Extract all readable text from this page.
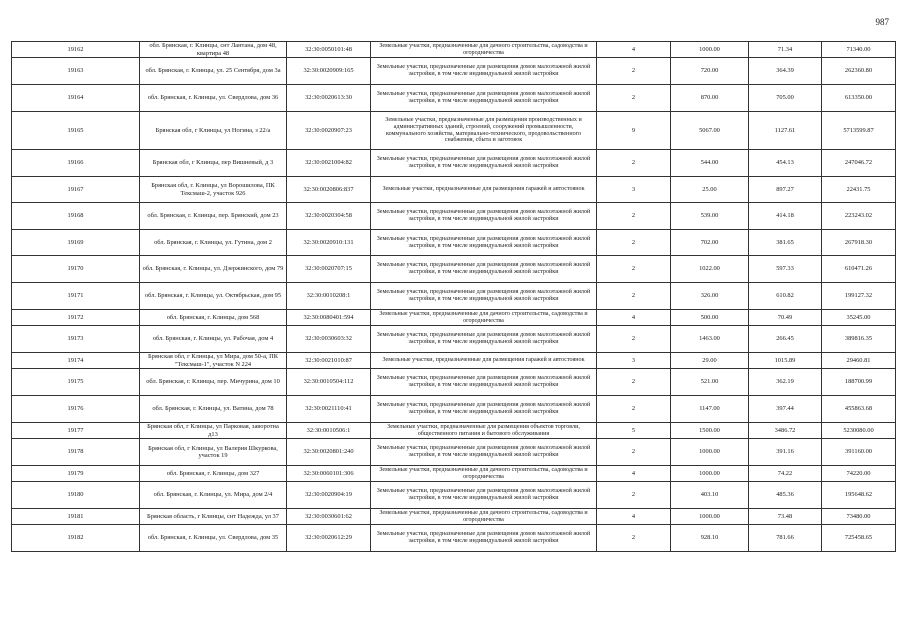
987
19162	обл. Брянская, г. Клинцы, снт Лантана, дом 48, квартира 48	32:30:0050101:48	Земельные участки, предназначенные для дачного строительства, садоводства и огородничества	4	1000.00	71.34	71340.00
19163	обл. Брянская, г. Клинцы, ул. 25 Сентября, дом 3а	32:30:0020909:165	Земельные участки, предназначенные для размещения домов малоэтажной жилой застройки, в том числе индивидуальной жилой застройки	2	720.00	364.39	262360.80
19164	обл. Брянская, г. Клинцы, ул. Свердлова, дом 36	32:30:0020613:30	Земельные участки, предназначенные для размещения домов малоэтажной жилой застройки, в том числе индивидуальной жилой застройки	2	870.00	705.00	613350.00
19165	Брянская обл, г Клинцы, ул Ногина, з 22/а	32:30:0020907:23	Земельные участки, предназначенные для размещения производственных и административных зданий, строений, сооружений промышленности, коммунального хозяйства, материально-технического, продовольственного снабжения, сбыта и заготовок	9	5067.00	1127.61	5713599.87
19166	Брянская обл, г Клинцы, пер Вишневый, д 3	32:30:0021004:82	Земельные участки, предназначенные для размещения домов малоэтажной жилой застройки, в том числе индивидуальной жилой застройки	2	544.00	454.13	247046.72
19167	Брянская обл, г. Клинцы, ул Ворошилова, ПК Тексмаш-2, участок 926	32:30:0020806:837	Земельные участки, предназначенные для размещения гаражей и автостоянок	3	25.00	897.27	22431.75
19168	обл. Брянская, г. Клинцы, пер. Брянский, дом 23	32:30:0020304:58	Земельные участки, предназначенные для размещения домов малоэтажной жилой застройки, в том числе индивидуальной жилой застройки	2	539.00	414.18	223243.02
19169	обл. Брянская, г. Клинцы, ул. Гутина, дом 2	32:30:0020910:131	Земельные участки, предназначенные для размещения домов малоэтажной жилой застройки, в том числе индивидуальной жилой застройки	2	702.00	381.65	267918.30
19170	обл. Брянская, г. Клинцы, ул. Дзержинского, дом 79	32:30:0020707:15	Земельные участки, предназначенные для размещения домов малоэтажной жилой застройки, в том числе индивидуальной жилой застройки	2	1022.00	597.33	610471.26
19171	обл. Брянская, г. Клинцы, ул. Октябрьская, дом 95	32:30:0010208:1	Земельные участки, предназначенные для размещения домов малоэтажной жилой застройки, в том числе индивидуальной жилой застройки	2	326.00	610.82	199127.32
19172	обл. Брянская, г. Клинцы, дом 568	32:30:0080401:594	Земельные участки, предназначенные для дачного строительства, садоводства и огородничества	4	500.00	70.49	35245.00
19173	обл. Брянская, г. Клинцы, ул. Рабочая, дом 4	32:30:0030603:32	Земельные участки, предназначенные для размещения домов малоэтажной жилой застройки, в том числе индивидуальной жилой застройки	2	1463.00	266.45	389816.35
19174	Брянская обл, г Клинцы, ул Мира, дом 50-а, ПК "Тексмаш-1", участок N 224	32:30:0021010:87	Земельные участки, предназначенные для размещения гаражей и автостоянок	3	29.00	1015.89	29460.81
19175	обл. Брянская, г. Клинцы, пер. Мичурина, дом 10	32:30:0010504:112	Земельные участки, предназначенные для размещения домов малоэтажной жилой застройки, в том числе индивидуальной жилой застройки	2	521.00	362.19	188700.99
19176	обл. Брянская, г. Клинцы, ул. Ватина, дом 78	32:30:0021110:41	Земельные участки, предназначенные для размещения домов малоэтажной жилой застройки, в том числе индивидуальной жилой застройки	2	1147.00	397.44	455863.68
19177	Брянская обл, г Клинцы, ул Парковая, заворотна д13	32:30:0010506:1	Земельные участки, предназначенные для размещения объектов торговли, общественного питания и бытового обслуживания	5	1500.00	3486.72	5230080.00
19178	Брянская обл, г Клинцы, ул Валерия Шкуркова, участок 19	32:30:0020801:240	Земельные участки, предназначенные для размещения домов малоэтажной жилой застройки, в том числе индивидуальной жилой застройки	2	1000.00	391.16	391160.00
19179	обл. Брянская, г. Клинцы, дом 327	32:30:0060101:306	Земельные участки, предназначенные для дачного строительства, садоводства и огородничества	4	1000.00	74.22	74220.00
19180	обл. Брянская, г. Клинцы, ул. Мира, дом 2/4	32:30:0020904:19	Земельные участки, предназначенные для размещения домов малоэтажной жилой застройки, в том числе индивидуальной жилой застройки	2	403.10	485.36	195648.62
19181	Брянская область, г Клинцы, снт Надежда, ул 37	32:30:0030601:62	Земельные участки, предназначенные для дачного строительства, садоводства и огородничества	4	1000.00	73.48	73480.00
19182	обл. Брянская, г. Клинцы, ул. Свердлова, дом 35	32:30:0020612:29	Земельные участки, предназначенные для размещения домов малоэтажной жилой застройки, в том числе индивидуальной жилой застройки	2	928.10	781.66	725458.65
